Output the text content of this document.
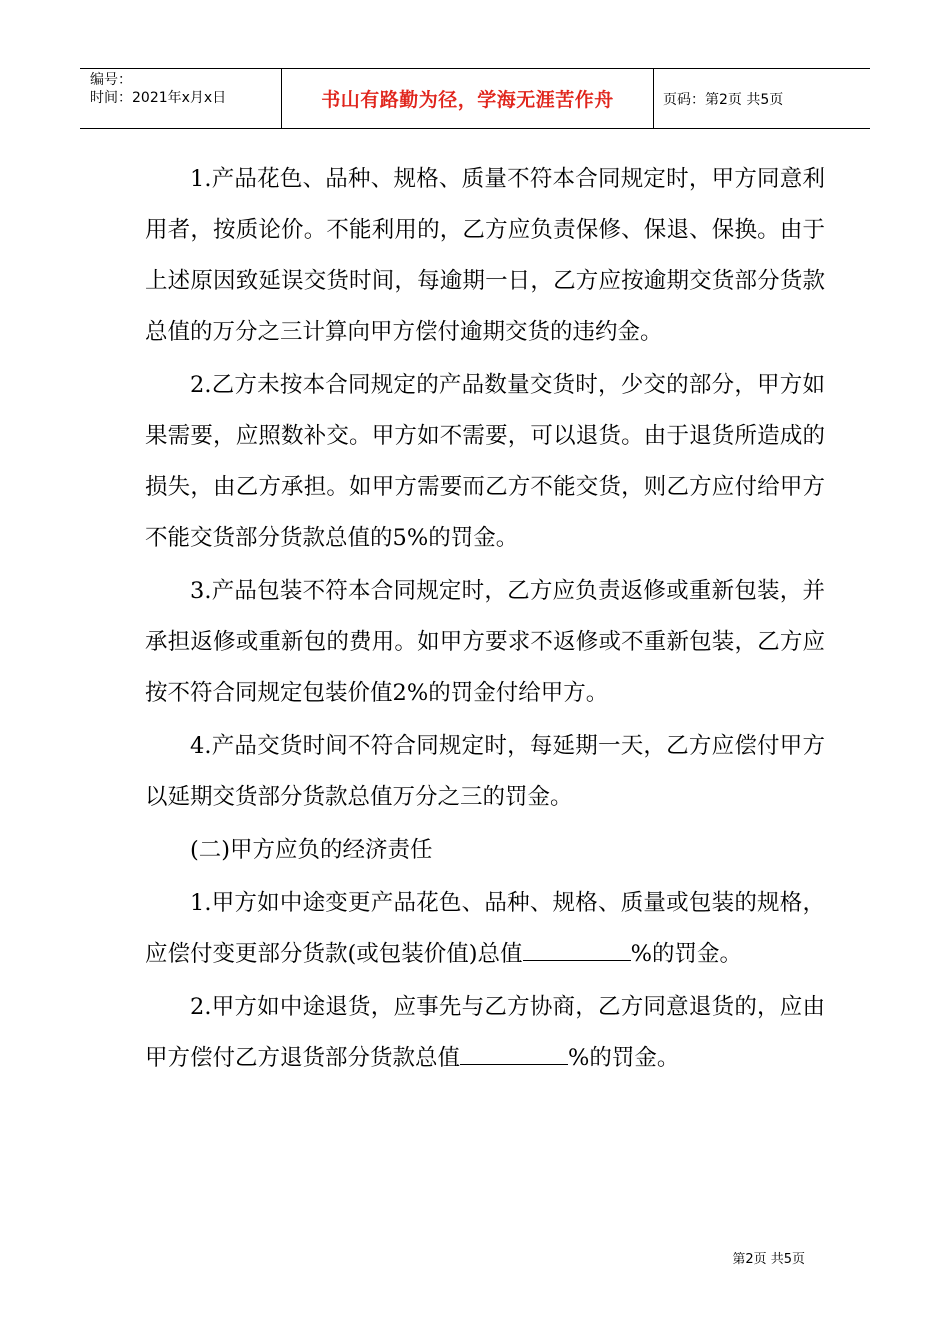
编号：
时间：2021年x月x日	书山有路勤为径，学海无涯苦作舟	页码：第2页 共5页

1.产品花色、品种、规格、质量不符本合同规定时，甲方同意利用者，按质论价。不能利用的，乙方应负责保修、保退、保换。由于上述原因致延误交货时间，每逾期一日，乙方应按逾期交货部分货款总值的万分之三计算向甲方偿付逾期交货的违约金。

2.乙方未按本合同规定的产品数量交货时，少交的部分，甲方如果需要，应照数补交。甲方如不需要，可以退货。由于退货所造成的损失，由乙方承担。如甲方需要而乙方不能交货，则乙方应付给甲方不能交货部分货款总值的5%的罚金。

3.产品包装不符本合同规定时，乙方应负责返修或重新包装，并承担返修或重新包的费用。如甲方要求不返修或不重新包装，乙方应按不符合同规定包装价值2%的罚金付给甲方。

4.产品交货时间不符合同规定时，每延期一天，乙方应偿付甲方以延期交货部分货款总值万分之三的罚金。

(二)甲方应负的经济责任

1.甲方如中途变更产品花色、品种、规格、质量或包装的规格，应偿付变更部分货款(或包装价值)总值	%的罚金。

2.甲方如中途退货，应事先与乙方协商，乙方同意退货的，应由甲方偿付乙方退货部分货款总值	%的罚金。

第2页 共5页
